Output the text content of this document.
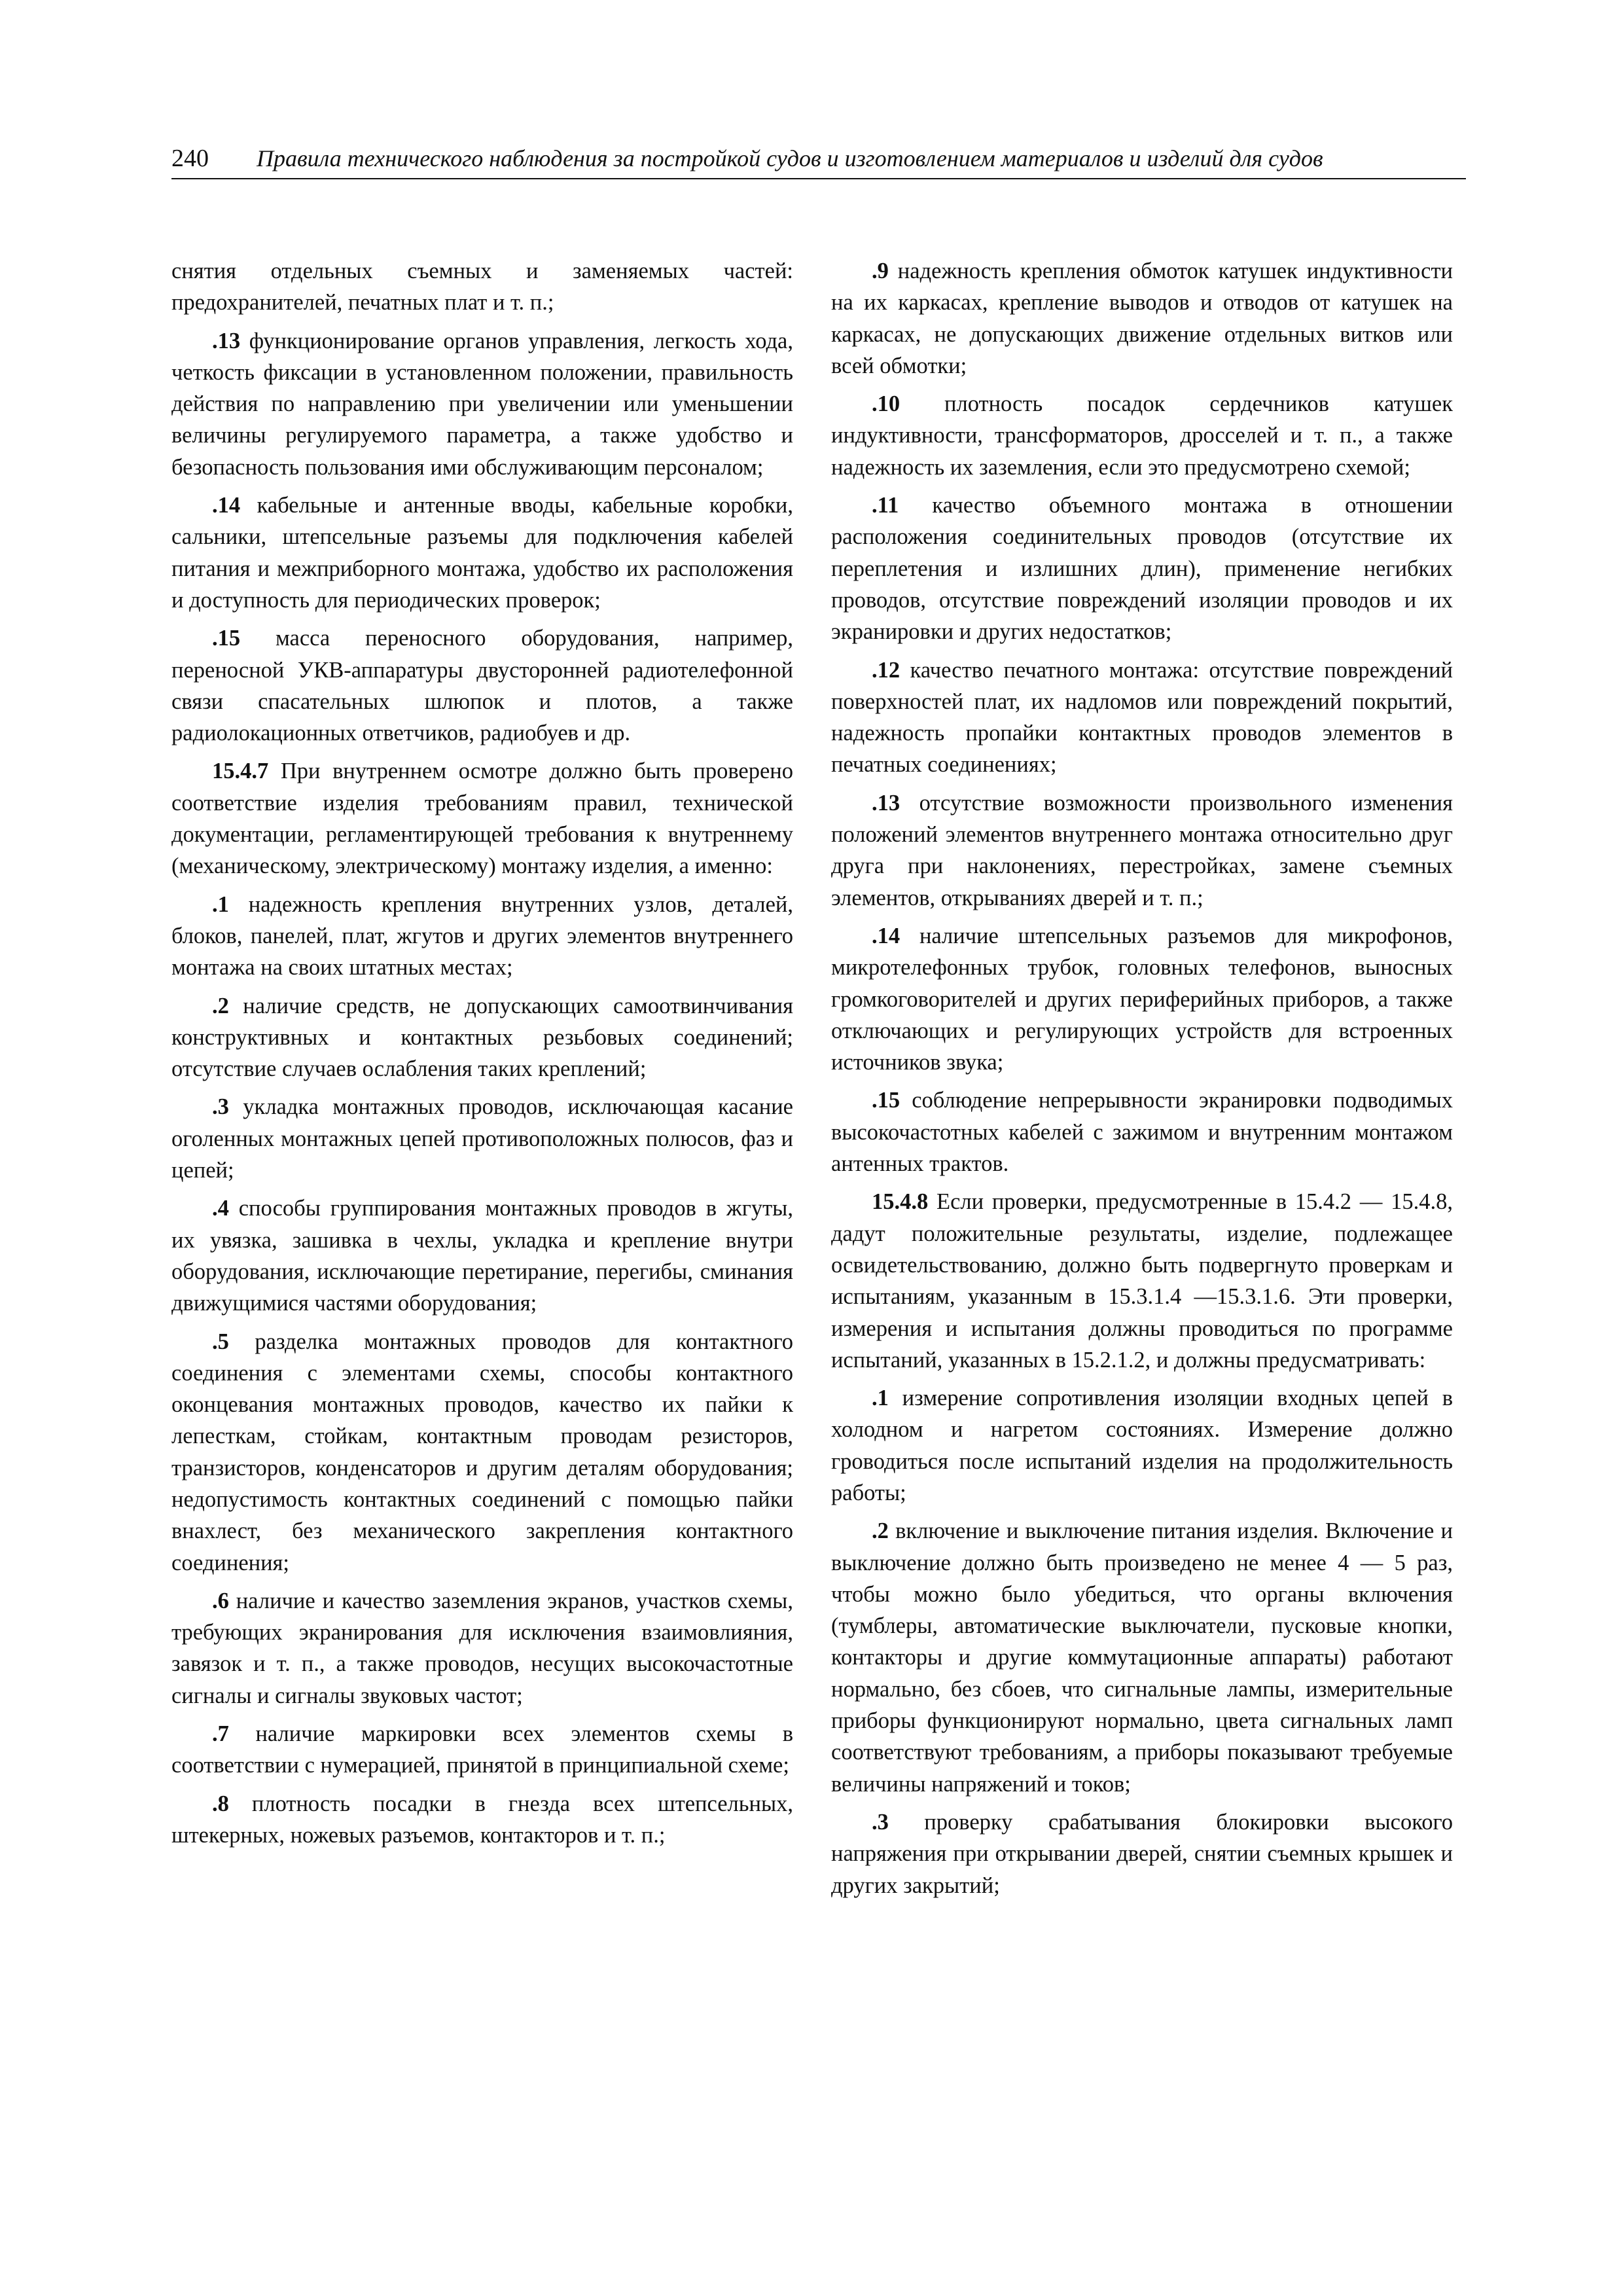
240 Правила технического наблюдения за постройкой судов и изготовлением материалов и изделий для судов

снятия отдельных съемных и заменяемых частей: предохранителей, печатных плат и т. п.;

.13 функционирование органов управления, легкость хода, четкость фиксации в установленном положении, правильность действия по направлению при увеличении или уменьшении величины регулируемого параметра, а также удобство и безопасность пользования ими обслуживающим персоналом;

.14 кабельные и антенные вводы, кабельные коробки, сальники, штепсельные разъемы для подключения кабелей питания и межприборного монтажа, удобство их расположения и доступность для периодических проверок;

.15 масса переносного оборудования, например, переносной УКВ-аппаратуры двусторонней радиотелефонной связи спасательных шлюпок и плотов, а также радиолокационных ответчиков, радиобуев и др.

15.4.7 При внутреннем осмотре должно быть проверено соответствие изделия требованиям правил, технической документации, регламентирующей требования к внутреннему (механическому, электрическому) монтажу изделия, а именно:

.1 надежность крепления внутренних узлов, деталей, блоков, панелей, плат, жгутов и других элементов внутреннего монтажа на своих штатных местах;

.2 наличие средств, не допускающих самоотвинчивания конструктивных и контактных резьбовых соединений; отсутствие случаев ослабления таких креплений;

.3 укладка монтажных проводов, исключающая касание оголенных монтажных цепей противоположных полюсов, фаз и цепей;

.4 способы группирования монтажных проводов в жгуты, их увязка, зашивка в чехлы, укладка и крепление внутри оборудования, исключающие перетирание, перегибы, сминания движущимися частями оборудования;

.5 разделка монтажных проводов для контактного соединения с элементами схемы, способы контактного оконцевания монтажных проводов, качество их пайки к лепесткам, стойкам, контактным проводам резисторов, транзисторов, конденсаторов и другим деталям оборудования; недопустимость контактных соединений с помощью пайки внахлест, без механического закрепления контактного соединения;

.6 наличие и качество заземления экранов, участков схемы, требующих экранирования для исключения взаимовлияния, завязок и т. п., а также проводов, несущих высокочастотные сигналы и сигналы звуковых частот;

.7 наличие маркировки всех элементов схемы в соответствии с нумерацией, принятой в принципиальной схеме;

.8 плотность посадки в гнезда всех штепсельных, штекерных, ножевых разъемов, контакторов и т. п.;

.9 надежность крепления обмоток катушек индуктивности на их каркасах, крепление выводов и отводов от катушек на каркасах, не допускающих движение отдельных витков или всей обмотки;

.10 плотность посадок сердечников катушек индуктивности, трансформаторов, дросселей и т. п., а также надежность их заземления, если это предусмотрено схемой;

.11 качество объемного монтажа в отношении расположения соединительных проводов (отсутствие их переплетения и излишних длин), применение негибких проводов, отсутствие повреждений изоляции проводов и их экранировки и других недостатков;

.12 качество печатного монтажа: отсутствие повреждений поверхностей плат, их надломов или повреждений покрытий, надежность пропайки контактных проводов элементов в печатных соединениях;

.13 отсутствие возможности произвольного изменения положений элементов внутреннего монтажа относительно друг друга при наклонениях, перестройках, замене съемных элементов, открываниях дверей и т. п.;

.14 наличие штепсельных разъемов для микрофонов, микротелефонных трубок, головных телефонов, выносных громкоговорителей и других периферийных приборов, а также отключающих и регулирующих устройств для встроенных источников звука;

.15 соблюдение непрерывности экранировки подводимых высокочастотных кабелей с зажимом и внутренним монтажом антенных трактов.

15.4.8 Если проверки, предусмотренные в 15.4.2 — 15.4.8, дадут положительные результаты, изделие, подлежащее освидетельствованию, должно быть подвергнуто проверкам и испытаниям, указанным в 15.3.1.4 —15.3.1.6. Эти проверки, измерения и испытания должны проводиться по программе испытаний, указанных в 15.2.1.2, и должны предусматривать:

.1 измерение сопротивления изоляции входных цепей в холодном и нагретом состояниях. Измерение должно гроводиться после испытаний изделия на продолжительность работы;

.2 включение и выключение питания изделия. Включение и выключение должно быть произведено не менее 4 — 5 раз, чтобы можно было убедиться, что органы включения (тумблеры, автоматические выключатели, пусковые кнопки, контакторы и другие коммутационные аппараты) работают нормально, без сбоев, что сигнальные лампы, измерительные приборы функционируют нормально, цвета сигнальных ламп соответствуют требованиям, а приборы показывают требуемые величины напряжений и токов;

.3 проверку срабатывания блокировки высокого напряжения при открывании дверей, снятии съемных крышек и других закрытий;
